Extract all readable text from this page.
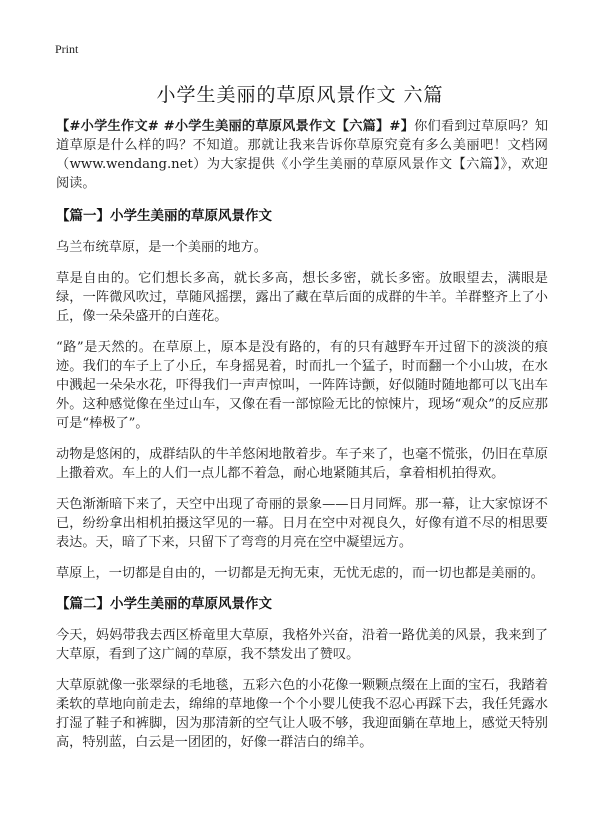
Print
小学生美丽的草原风景作文 六篇

【#小学生作文# #小学生美丽的草原风景作文【六篇】#】你们看到过草原吗？知道草原是什么样的吗？不知道。那就让我来告诉你草原究竟有多么美丽吧！文档网（www.wendang.net）为大家提供《小学生美丽的草原风景作文【六篇】》，欢迎阅读。

【篇一】小学生美丽的草原风景作文

乌兰布统草原，是一个美丽的地方。

草是自由的。它们想长多高，就长多高，想长多密，就长多密。放眼望去，满眼是绿，一阵微风吹过，草随风摇摆，露出了藏在草后面的成群的牛羊。羊群整齐上了小丘，像一朵朵盛开的白莲花。

“路”是天然的。在草原上，原本是没有路的，有的只有越野车开过留下的淡淡的痕迹。我们的车子上了小丘，车身摇晃着，时而扎一个猛子，时而翻一个小山坡，在水中溅起一朵朵水花，吓得我们一声声惊叫，一阵阵诗颤，好似随时随地都可以飞出车外。这种感觉像在坐过山车，又像在看一部惊险无比的惊悚片，现场“观众”的反应那可是“棒极了”。

动物是悠闲的，成群结队的牛羊悠闲地散着步。车子来了，也毫不慌张，仍旧在草原上撒着欢。车上的人们一点儿都不着急，耐心地紧随其后，拿着相机拍得欢。

天色渐渐暗下来了，天空中出现了奇丽的景象——日月同辉。那一幕，让大家惊讶不已，纷纷拿出相机拍摄这罕见的一幕。日月在空中对视良久，好像有道不尽的相思要表达。天，暗了下来，只留下了弯弯的月亮在空中凝望远方。

草原上，一切都是自由的，一切都是无拘无束，无忧无虑的，而一切也都是美丽的。

【篇二】小学生美丽的草原风景作文

今天，妈妈带我去西区桥竜里大草原，我格外兴奋，沿着一路优美的风景，我来到了大草原，看到了这广阔的草原，我不禁发出了赞叹。

大草原就像一张翠绿的毛地毯，五彩六色的小花像一颗颗点缀在上面的宝石，我踏着柔软的草地向前走去，绵绵的草地像一个个小婴儿使我不忍心再踩下去，我任凭露水打湿了鞋子和裤脚，因为那清新的空气让人吸不够，我迎面躺在草地上，感觉天特别高，特别蓝，白云是一团团的，好像一群洁白的绵羊。
